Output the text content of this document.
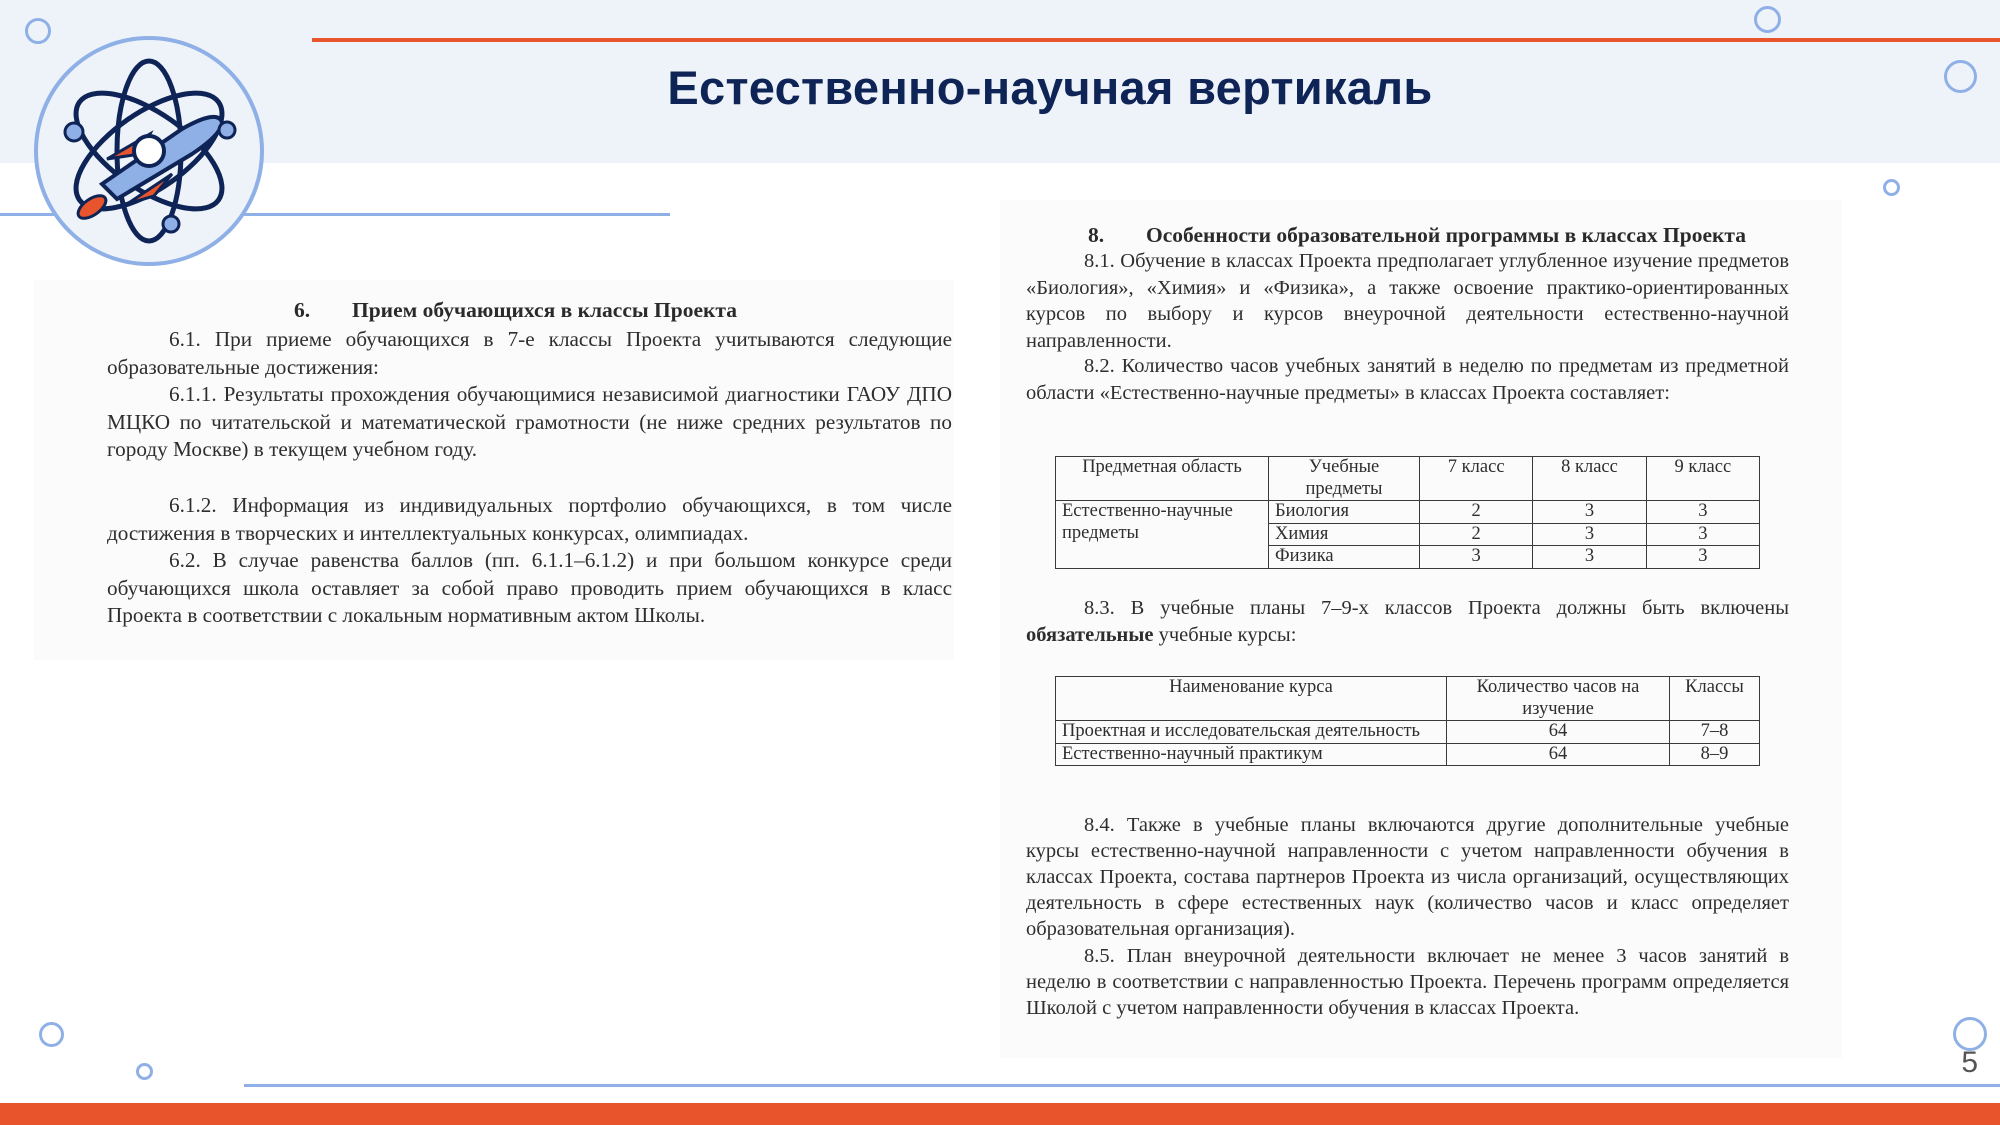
Естественно-научная вертикаль
6. Прием обучающихся в классы Проекта
6.1. При приеме обучающихся в 7-е классы Проекта учитываются следующие образовательные достижения:
6.1.1. Результаты прохождения обучающимися независимой диагностики ГАОУ ДПО МЦКО по читательской и математической грамотности (не ниже средних результатов по городу Москве) в текущем учебном году.
6.1.2. Информация из индивидуальных портфолио обучающихся, в том числе достижения в творческих и интеллектуальных конкурсах, олимпиадах.
6.2. В случае равенства баллов (пп. 6.1.1–6.1.2) и при большом конкурсе среди обучающихся школа оставляет за собой право проводить прием обучающихся в класс Проекта в соответствии с локальным нормативным актом Школы.
8. Особенности образовательной программы в классах Проекта
8.1. Обучение в классах Проекта предполагает углубленное изучение предметов «Биология», «Химия» и «Физика», а также освоение практико-ориентированных курсов по выбору и курсов внеурочной деятельности естественно-научной направленности.
8.2. Количество часов учебных занятий в неделю по предметам из предметной области «Естественно-научные предметы» в классах Проекта составляет:
Предметная область	Учебные предметы	7 класс	8 класс	9 класс
Естественно-научные предметы	Биология	2	3	3
	Химия	2	3	3
	Физика	3	3	3
8.3. В учебные планы 7–9-х классов Проекта должны быть включены обязательные учебные курсы:
Наименование курса	Количество часов на изучение	Классы
Проектная и исследовательская деятельность	64	7–8
Естественно-научный практикум	64	8–9
8.4. Также в учебные планы включаются другие дополнительные учебные курсы естественно-научной направленности с учетом направленности обучения в классах Проекта, состава партнеров Проекта из числа организаций, осуществляющих деятельность в сфере естественных наук (количество часов и класс определяет образовательная организация).
8.5. План внеурочной деятельности включает не менее 3 часов занятий в неделю в соответствии с направленностью Проекта. Перечень программ определяется Школой с учетом направленности обучения в классах Проекта.
5
